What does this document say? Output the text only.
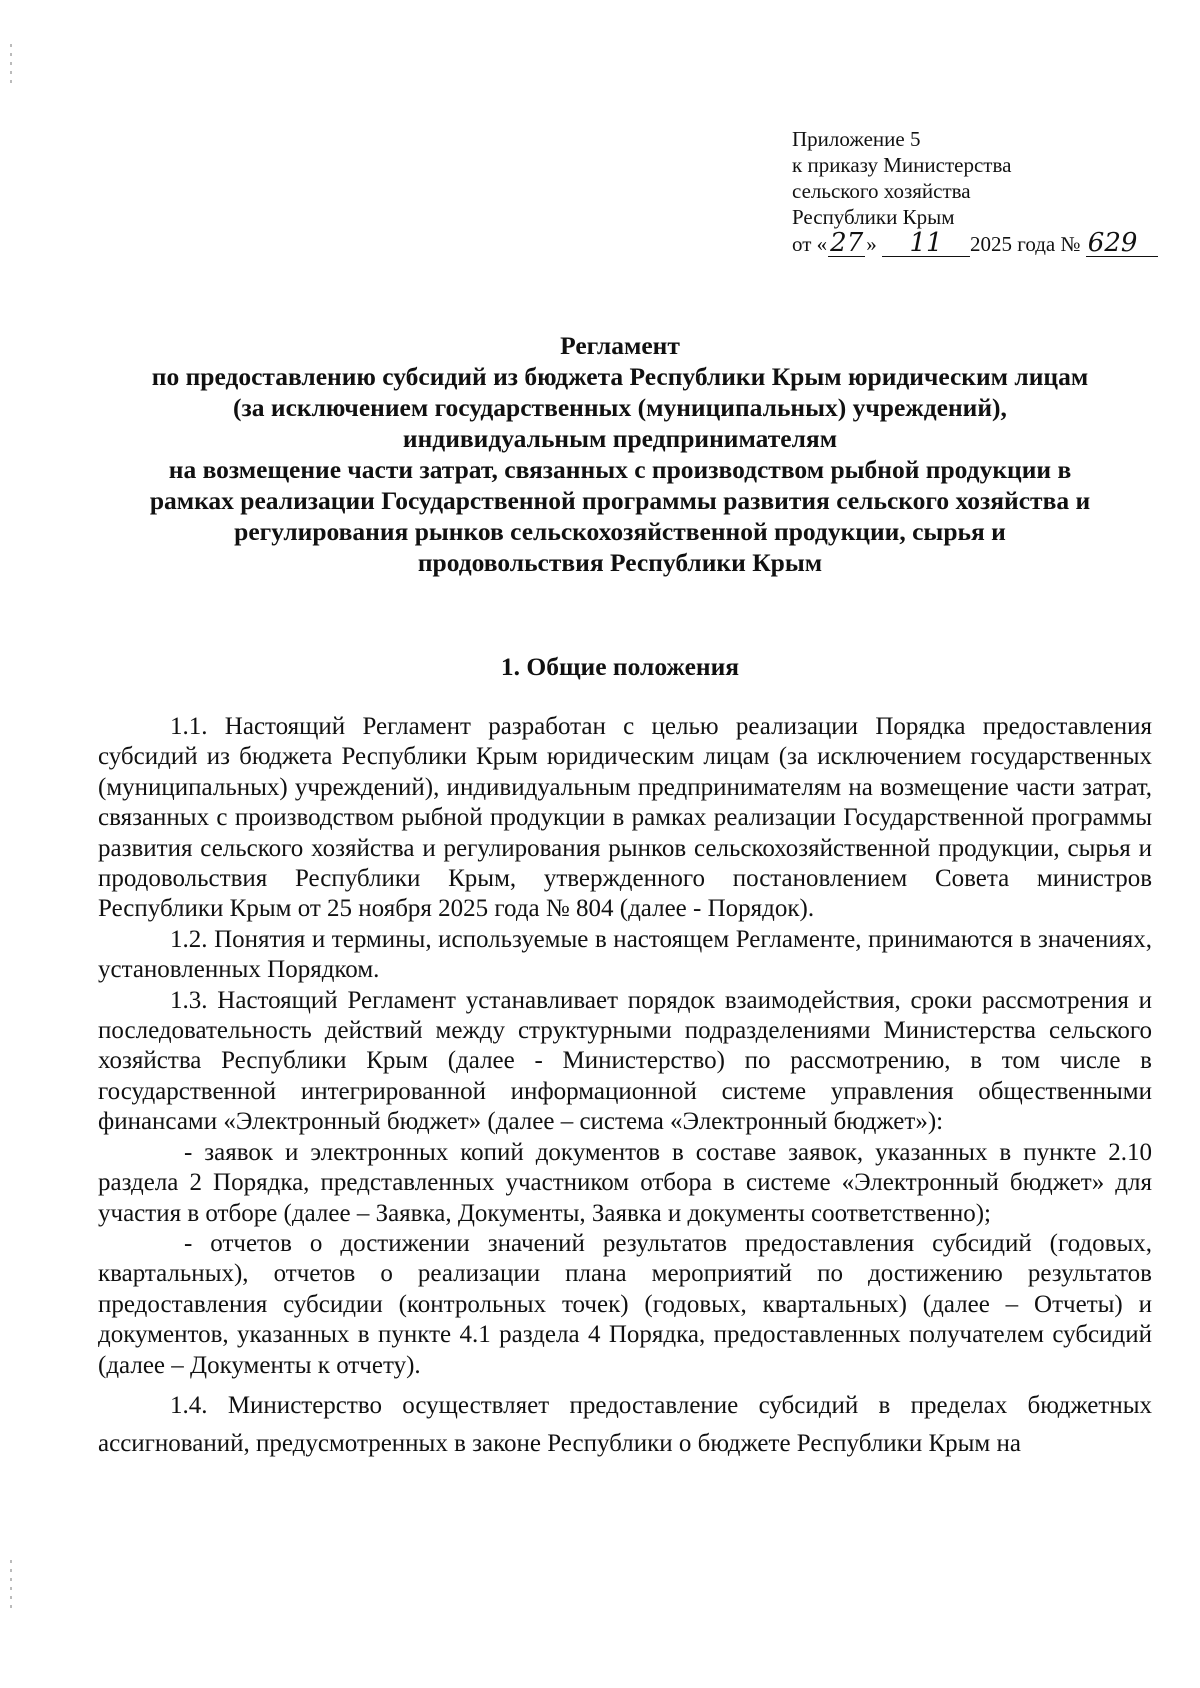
Приложение 5
к приказу Министерства
сельского хозяйства
Республики Крым
от « 27 » 11 2025 года № 629
Регламент
по предоставлению субсидий из бюджета Республики Крым юридическим лицам
(за исключением государственных (муниципальных) учреждений),
индивидуальным предпринимателям
на возмещение части затрат, связанных с производством рыбной продукции в
рамках реализации Государственной программы развития сельского хозяйства и
регулирования рынков сельскохозяйственной продукции, сырья и
продовольствия Республики Крым
1. Общие положения

1.1. Настоящий Регламент разработан с целью реализации Порядка предоставления субсидий из бюджета Республики Крым юридическим лицам (за исключением государственных (муниципальных) учреждений), индивидуальным предпринимателям на возмещение части затрат, связанных с производством рыбной продукции в рамках реализации Государственной программы развития сельского хозяйства и регулирования рынков сельскохозяйственной продукции, сырья и продовольствия Республики Крым, утвержденного постановлением Совета министров Республики Крым от 25 ноября 2025 года № 804 (далее - Порядок).

1.2. Понятия и термины, используемые в настоящем Регламенте, принимаются в значениях, установленных Порядком.

1.3. Настоящий Регламент устанавливает порядок взаимодействия, сроки рассмотрения и последовательность действий между структурными подразделениями Министерства сельского хозяйства Республики Крым (далее - Министерство) по рассмотрению, в том числе в государственной интегрированной информационной системе управления общественными финансами «Электронный бюджет» (далее – система «Электронный бюджет»):

- заявок и электронных копий документов в составе заявок, указанных в пункте 2.10 раздела 2 Порядка, представленных участником отбора в системе «Электронный бюджет» для участия в отборе (далее – Заявка, Документы, Заявка и документы соответственно);

- отчетов о достижении значений результатов предоставления субсидий (годовых, квартальных), отчетов о реализации плана мероприятий по достижению результатов предоставления субсидии (контрольных точек) (годовых, квартальных) (далее – Отчеты) и документов, указанных в пункте 4.1 раздела 4 Порядка, предоставленных получателем субсидий (далее – Документы к отчету).

1.4. Министерство осуществляет предоставление субсидий в пределах бюджетных ассигнований, предусмотренных в законе Республики о бюджете Республики Крым на
